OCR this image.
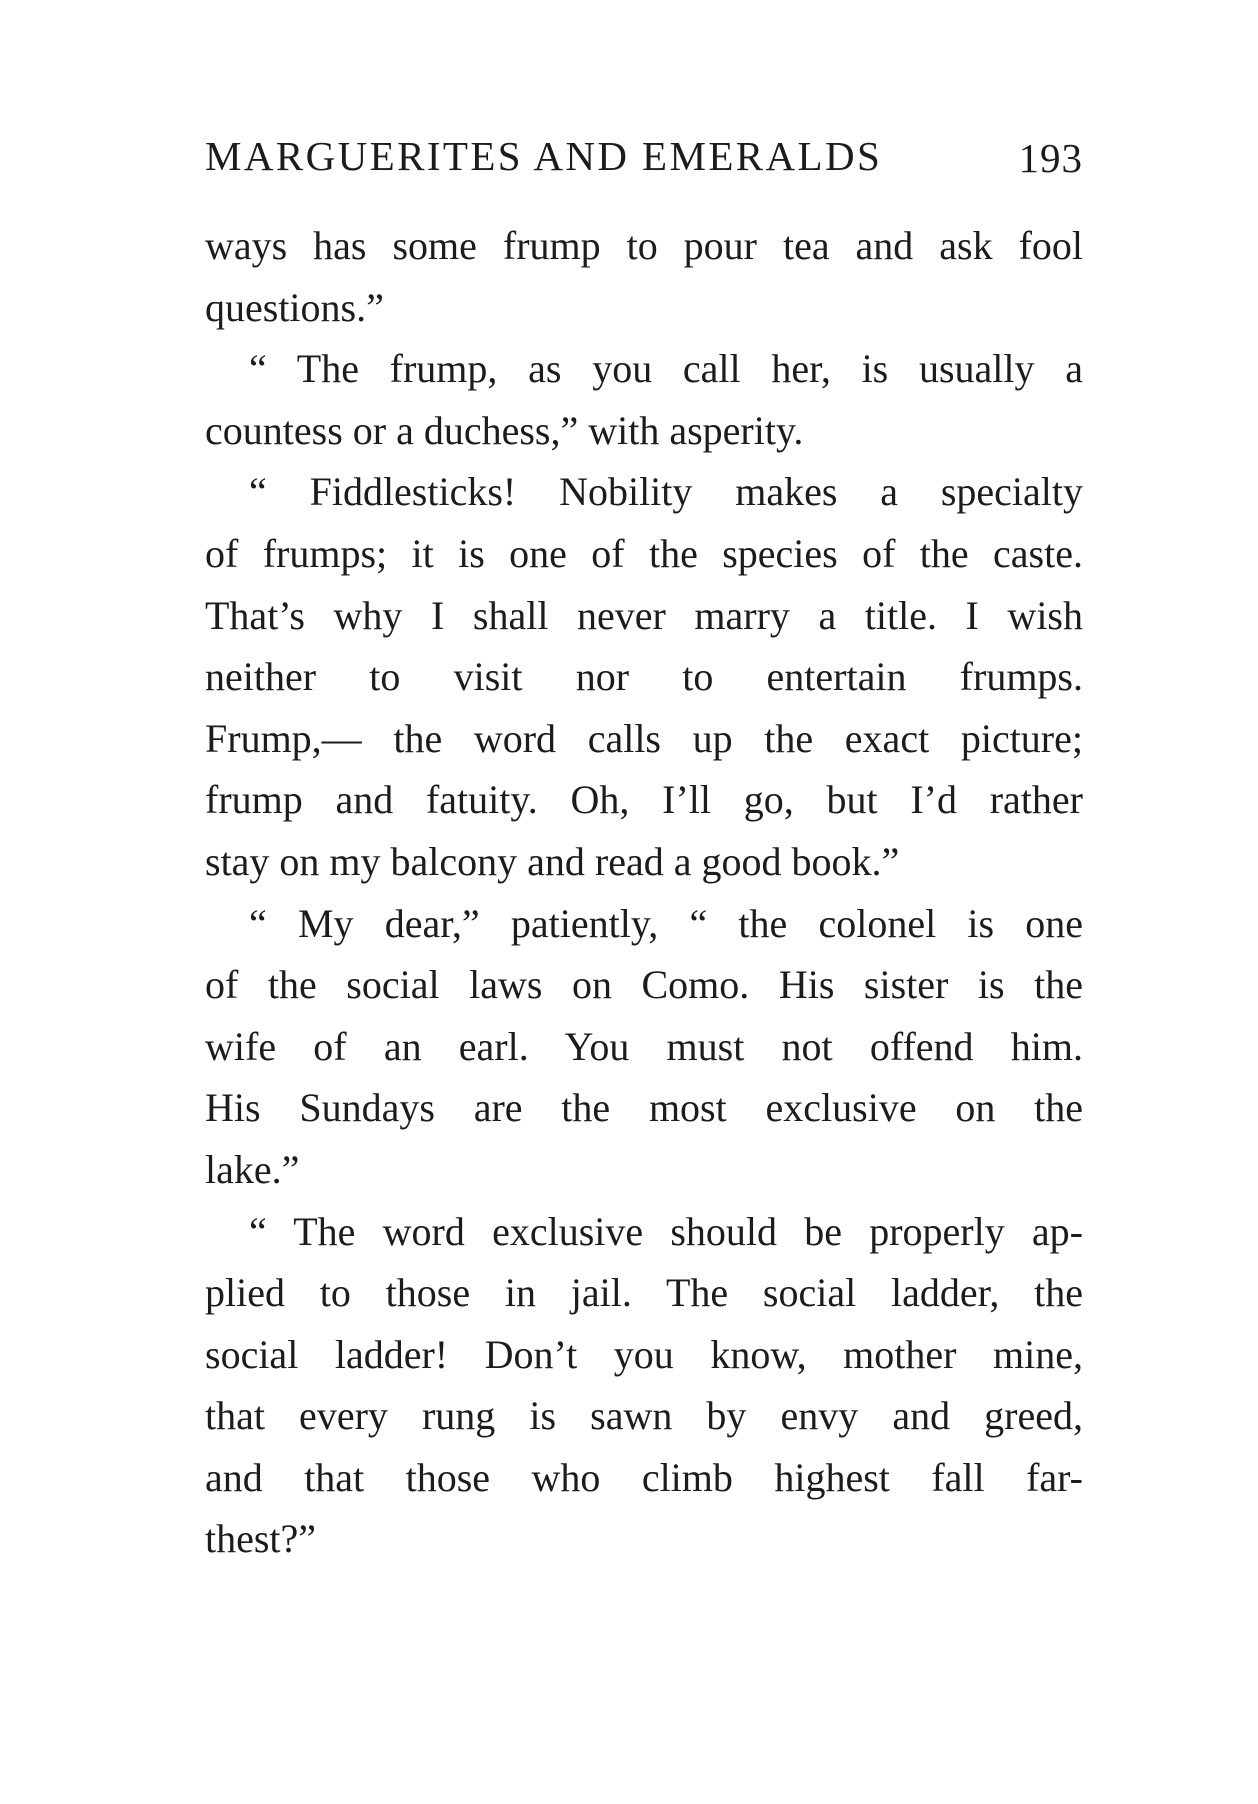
MARGUERITES AND EMERALDS	193
ways has some frump to pour tea and ask fool
questions.”
“ The frump, as you call her, is usually a
countess or a duchess,” with asperity.
“ Fiddlesticks! Nobility makes a specialty
of frumps; it is one of the species of the caste.
That’s why I shall never marry a title. I wish
neither to visit nor to entertain frumps.
Frump,— the word calls up the exact picture;
frump and fatuity. Oh, I’ll go, but I’d rather
stay on my balcony and read a good book.”
“ My dear,” patiently, “ the colonel is one
of the social laws on Como. His sister is the
wife of an earl. You must not offend him.
His Sundays are the most exclusive on the
lake.”
“ The word exclusive should be properly ap-
plied to those in jail. The social ladder, the
social ladder! Don’t you know, mother mine,
that every rung is sawn by envy and greed,
and that those who climb highest fall far-
thest?”
